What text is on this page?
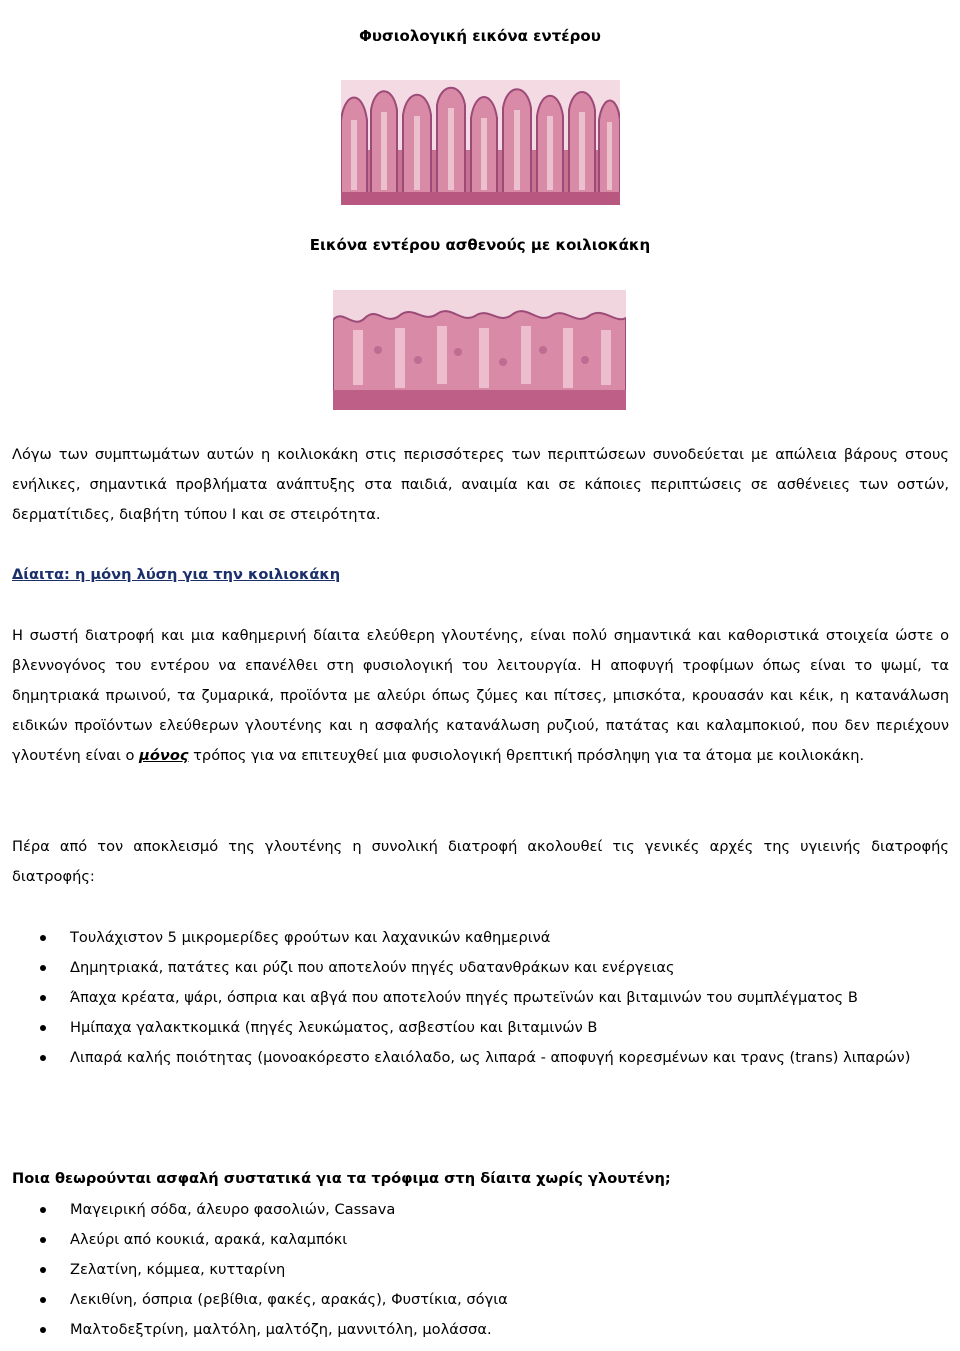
Φυσιολογική εικόνα εντέρου
Εικόνα εντέρου ασθενούς με κοιλιοκάκη

Λόγω των συμπτωμάτων αυτών η κοιλιοκάκη στις περισσότερες των περιπτώσεων συνοδεύεται με απώλεια βάρους στους ενήλικες, σημαντικά προβλήματα ανάπτυξης στα παιδιά, αναιμία και σε κάποιες περιπτώσεις σε ασθένειες των οστών, δερματίτιδες, διαβήτη τύπου Ι και σε στειρότητα.

Δίαιτα: η μόνη λύση για την κοιλιοκάκη

Η σωστή διατροφή και μια καθημερινή δίαιτα ελεύθερη γλουτένης, είναι πολύ σημαντικά και καθοριστικά στοιχεία ώστε ο βλεννογόνος του εντέρου να επανέλθει στη φυσιολογική του λειτουργία. Η αποφυγή τροφίμων όπως είναι το ψωμί, τα δημητριακά πρωινού, τα ζυμαρικά, προϊόντα με αλεύρι όπως ζύμες και πίτσες, μπισκότα, κρουασάν και κέικ, η κατανάλωση ειδικών προϊόντων ελεύθερων γλουτένης και η ασφαλής κατανάλωση ρυζιού, πατάτας και καλαμποκιού, που δεν περιέχουν γλουτένη είναι ο μόνος τρόπος για να επιτευχθεί μια φυσιολογική θρεπτική πρόσληψη για τα άτομα με κοιλιοκάκη.

Πέρα από τον αποκλεισμό της γλουτένης η συνολική διατροφή ακολουθεί τις γενικές αρχές της υγιεινής διατροφής διατροφής:

Τουλάχιστον 5 μικρομερίδες φρούτων και λαχανικών καθημερινά
Δημητριακά, πατάτες και ρύζι που αποτελούν πηγές υδατανθράκων και ενέργειας
Άπαχα κρέατα, ψάρι, όσπρια και αβγά που αποτελούν πηγές πρωτεϊνών και βιταμινών του συμπλέγματος Β
Ημίπαχα γαλακτκομικά (πηγές λευκώματος, ασβεστίου και βιταμινών Β
Λιπαρά καλής ποιότητας (μονοακόρεστο ελαιόλαδο, ως λιπαρά - αποφυγή κορεσμένων και τρανς (trans) λιπαρών)
Ποια θεωρούνται ασφαλή συστατικά για τα τρόφιμα στη δίαιτα χωρίς γλουτένη;
Μαγειρική σόδα, άλευρο φασολιών, Cassava
Αλεύρι από κουκιά, αρακά, καλαμπόκι
Ζελατίνη, κόμμεα, κυτταρίνη
Λεκιθίνη, όσπρια (ρεβίθια, φακές, αρακάς), Φυστίκια, σόγια
Μαλτοδεξτρίνη, μαλτόλη, μαλτόζη, μαννιτόλη, μολάσσα.
